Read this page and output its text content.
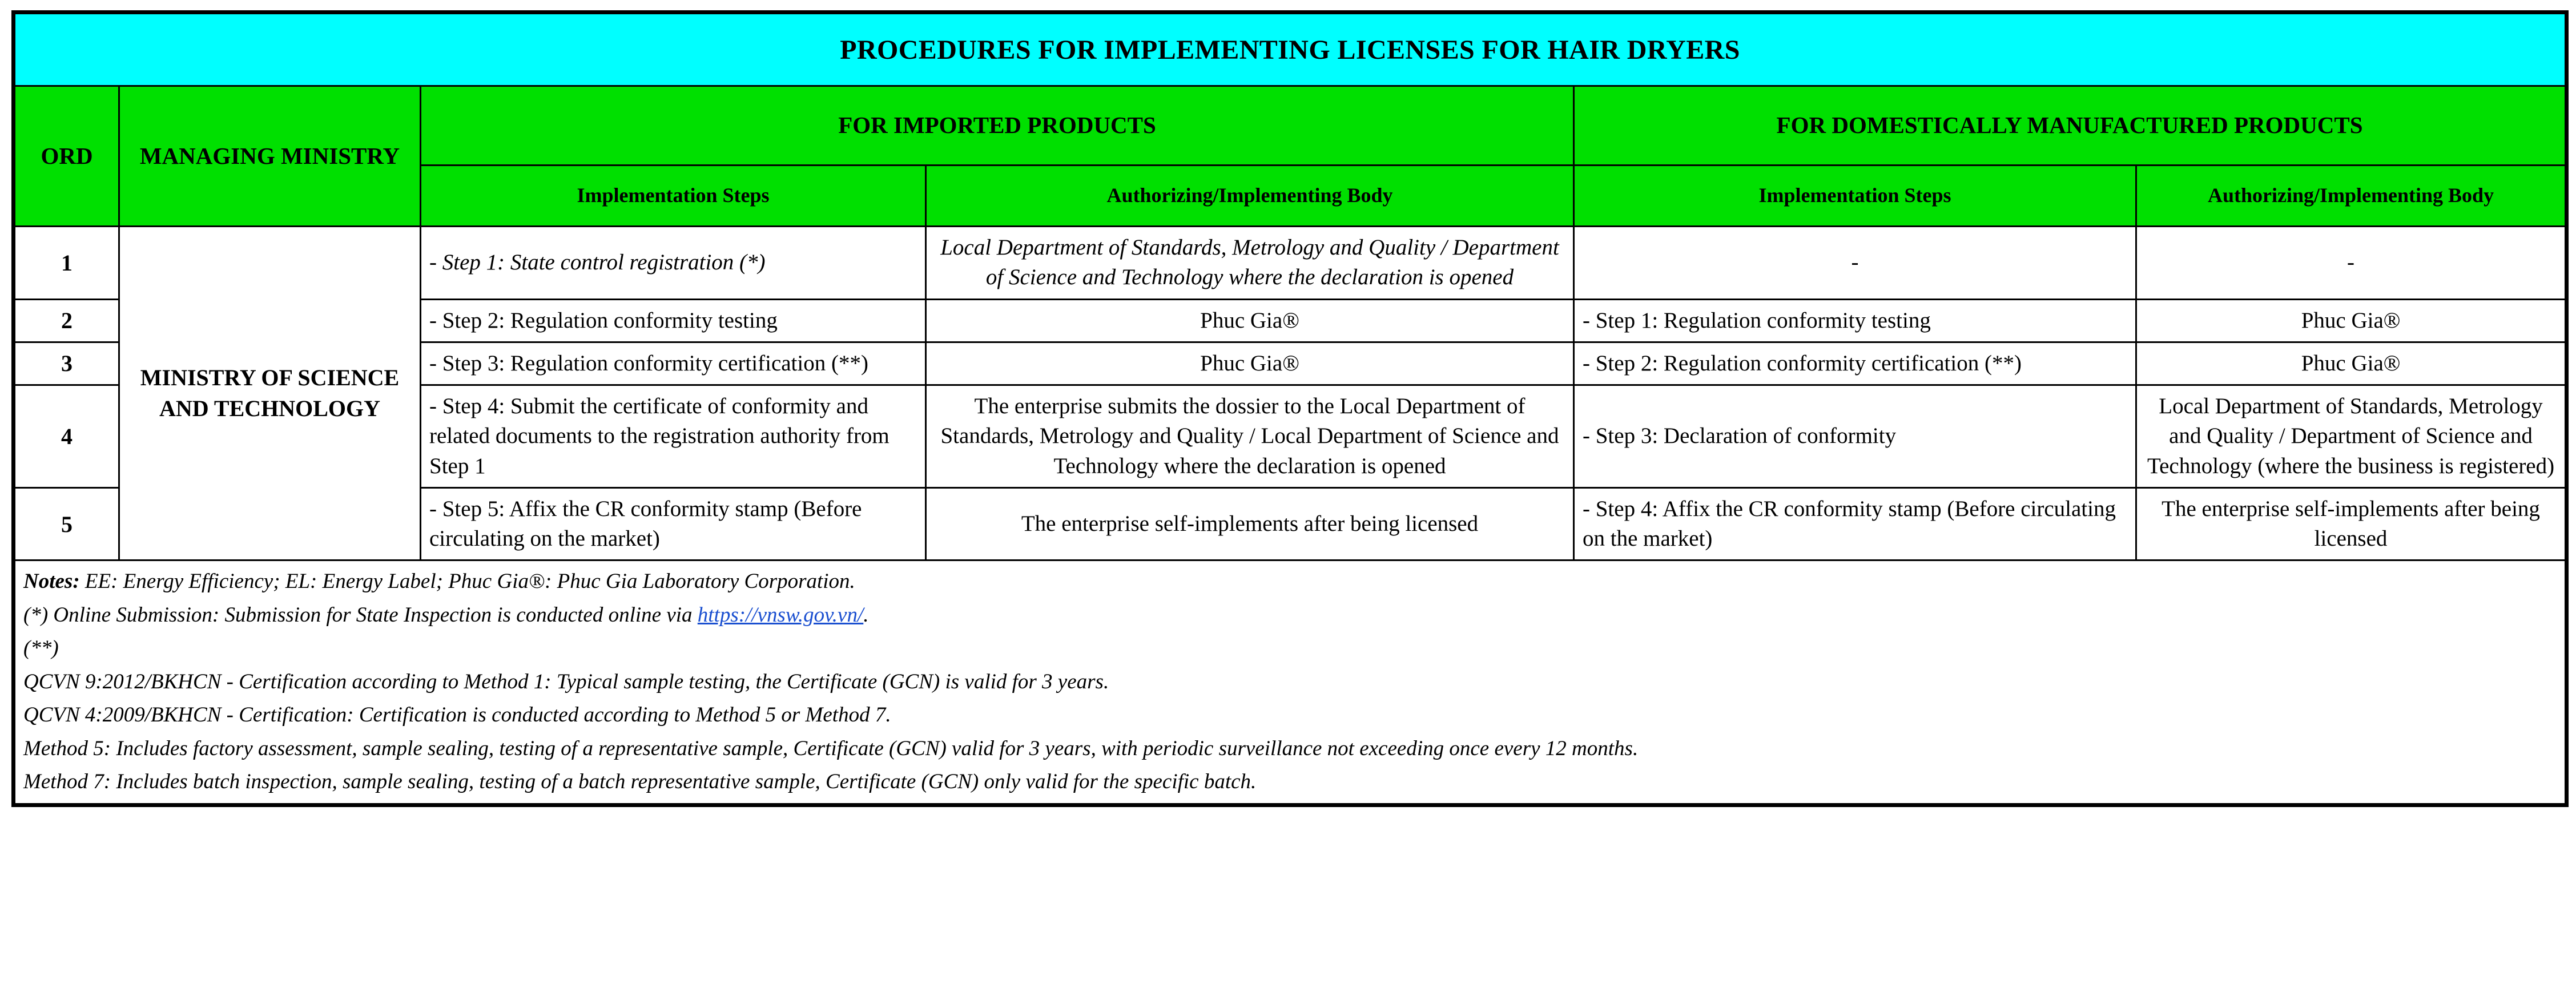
PROCEDURES FOR IMPLEMENTING LICENSES FOR HAIR DRYERS					
ORD	MANAGING MINISTRY	FOR IMPORTED PRODUCTS		FOR DOMESTICALLY MANUFACTURED PRODUCTS	
		Implementation Steps	Authorizing/Implementing Body	Implementation Steps	Authorizing/Implementing Body
1	MINISTRY OF SCIENCE AND TECHNOLOGY	- Step 1: State control registration (*)	Local Department of Standards, Metrology and Quality / Department of Science and Technology where the declaration is opened	-	-
2		- Step 2: Regulation conformity testing	Phuc Gia®	- Step 1: Regulation conformity testing	Phuc Gia®
3		- Step 3: Regulation conformity certification (**)	Phuc Gia®	- Step 2: Regulation conformity certification (**)	Phuc Gia®
4		- Step 4: Submit the certificate of conformity and related documents to the registration authority from Step 1	The enterprise submits the dossier to the Local Department of Standards, Metrology and Quality / Local Department of Science and Technology where the declaration is opened	- Step 3: Declaration of conformity	Local Department of Standards, Metrology and Quality / Department of Science and Technology (where the business is registered)
5		- Step 5: Affix the CR conformity stamp (Before circulating on the market)	The enterprise self-implements after being licensed	- Step 4: Affix the CR conformity stamp (Before circulating on the market)	The enterprise self-implements after being licensed

Notes: EE: Energy Efficiency; EL: Energy Label; Phuc Gia®: Phuc Gia Laboratory Corporation.

(*) Online Submission: Submission for State Inspection is conducted online via https://vnsw.gov.vn/.

(**)

QCVN 9:2012/BKHCN - Certification according to Method 1: Typical sample testing, the Certificate (GCN) is valid for 3 years.

QCVN 4:2009/BKHCN - Certification: Certification is conducted according to Method 5 or Method 7.

Method 5: Includes factory assessment, sample sealing, testing of a representative sample, Certificate (GCN) valid for 3 years, with periodic surveillance not exceeding once every 12 months.

Method 7: Includes batch inspection, sample sealing, testing of a batch representative sample, Certificate (GCN) only valid for the specific batch.
